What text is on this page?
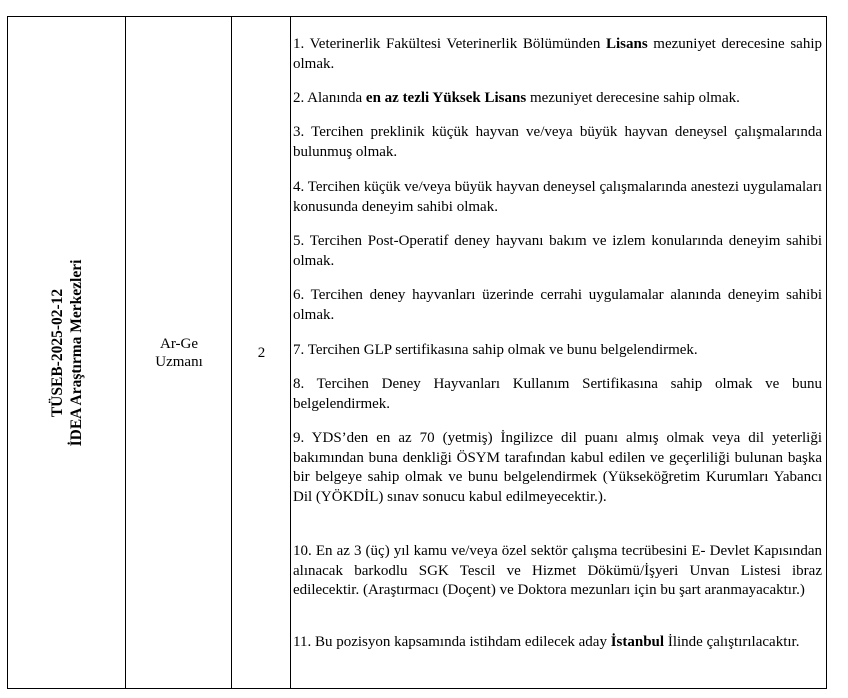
TÜSEB-2025-02-12 İDEA Araştırma Merkezleri	Ar-Ge
Uzmanı
2

1. Veterinerlik Fakültesi Veterinerlik Bölümünden Lisans mezuniyet derecesine sahip olmak.

2. Alanında en az tezli Yüksek Lisans mezuniyet derecesine sahip olmak.

3. Tercihen preklinik küçük hayvan ve/veya büyük hayvan deneysel çalışmalarında bulunmuş olmak.

4. Tercihen küçük ve/veya büyük hayvan deneysel çalışmalarında anestezi uygulamaları konusunda deneyim sahibi olmak.

5. Tercihen Post-Operatif deney hayvanı bakım ve izlem konularında deneyim sahibi olmak.

6. Tercihen deney hayvanları üzerinde cerrahi uygulamalar alanında deneyim sahibi olmak.

7. Tercihen GLP sertifikasına sahip olmak ve bunu belgelendirmek.

8. Tercihen Deney Hayvanları Kullanım Sertifikasına sahip olmak ve bunu belgelendirmek.

9. YDS’den en az 70 (yetmiş) İngilizce dil puanı almış olmak veya dil yeterliği bakımından buna denkliği ÖSYM tarafından kabul edilen ve geçerliliği bulunan başka bir belgeye sahip olmak ve bunu belgelendirmek (Yükseköğretim Kurumları Yabancı Dil (YÖKDİL) sınav sonucu kabul edilmeyecektir.).

10. En az 3 (üç) yıl kamu ve/veya özel sektör çalışma tecrübesini E- Devlet Kapısından alınacak barkodlu SGK Tescil ve Hizmet Dökümü/İşyeri Unvan Listesi ibraz edilecektir. (Araştırmacı (Doçent) ve Doktora mezunları için bu şart aranmayacaktır.)

11. Bu pozisyon kapsamında istihdam edilecek aday İstanbul İlinde çalıştırılacaktır.
